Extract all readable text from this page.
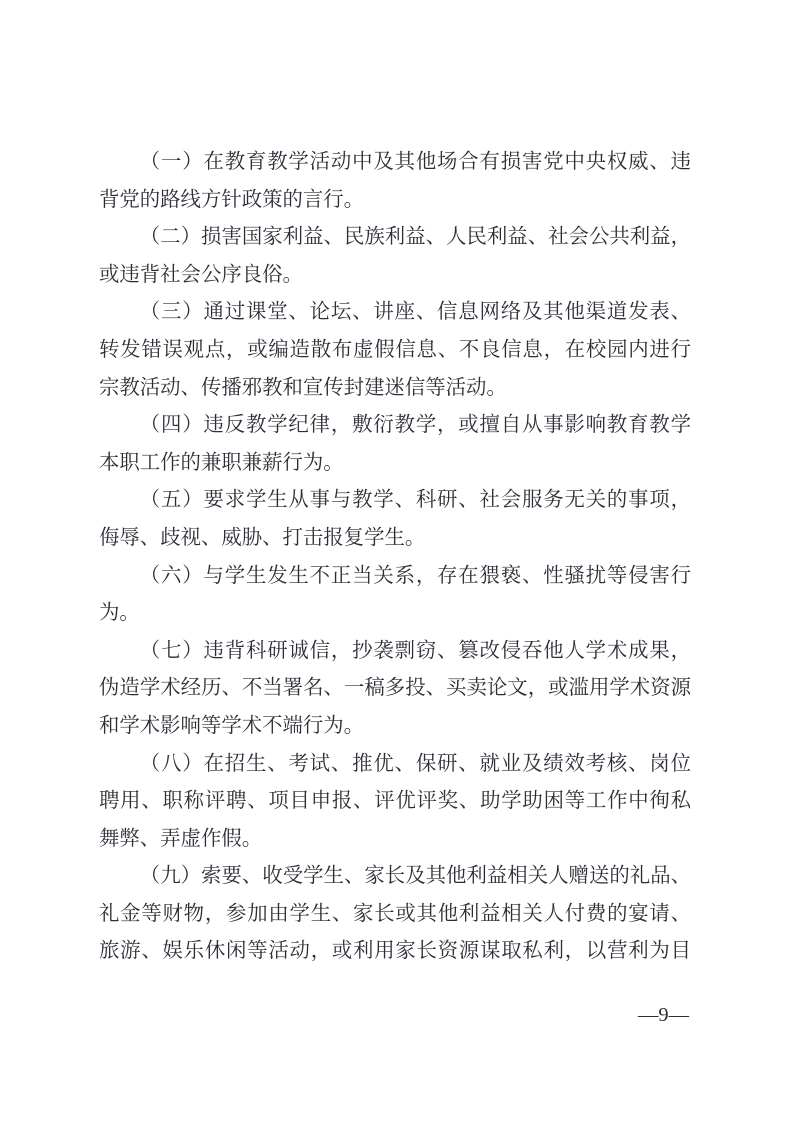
（一）在教育教学活动中及其他场合有损害党中央权威、违
背党的路线方针政策的言行。
（二）损害国家利益、民族利益、人民利益、社会公共利益，
或违背社会公序良俗。
（三）通过课堂、论坛、讲座、信息网络及其他渠道发表、
转发错误观点，或编造散布虚假信息、不良信息，在校园内进行
宗教活动、传播邪教和宣传封建迷信等活动。
（四）违反教学纪律，敷衍教学，或擅自从事影响教育教学
本职工作的兼职兼薪行为。
（五）要求学生从事与教学、科研、社会服务无关的事项，
侮辱、歧视、威胁、打击报复学生。
（六）与学生发生不正当关系，存在猥亵、性骚扰等侵害行
为。
（七）违背科研诚信，抄袭剽窃、篡改侵吞他人学术成果，
伪造学术经历、不当署名、一稿多投、买卖论文，或滥用学术资源
和学术影响等学术不端行为。
（八）在招生、考试、推优、保研、就业及绩效考核、岗位
聘用、职称评聘、项目申报、评优评奖、助学助困等工作中徇私
舞弊、弄虚作假。
（九）索要、收受学生、家长及其他利益相关人赠送的礼品、
礼金等财物，参加由学生、家长或其他利益相关人付费的宴请、
旅游、娱乐休闲等活动，或利用家长资源谋取私利，以营利为目
—9—
